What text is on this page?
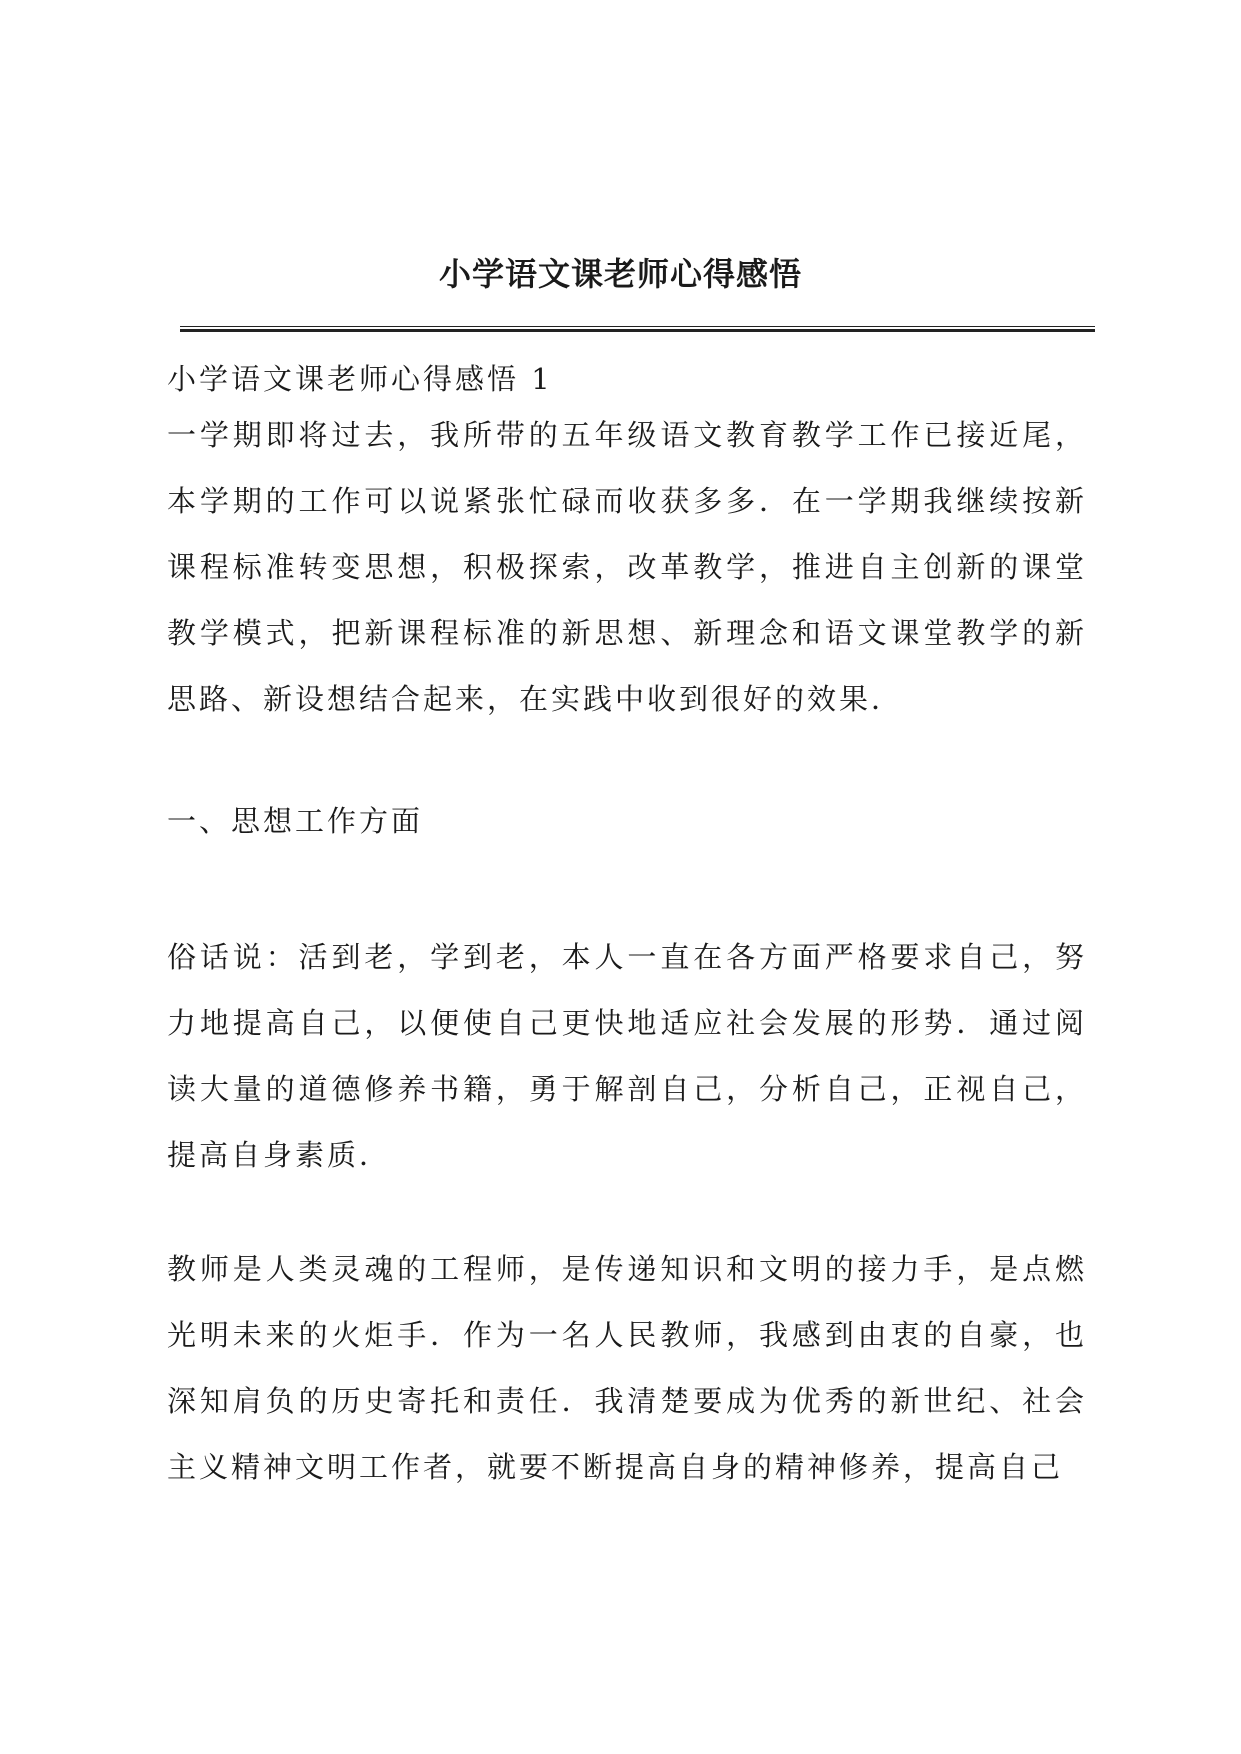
小学语文课老师心得感悟

小学语文课老师心得感悟 1

一学期即将过去，我所带的五年级语文教育教学工作已接近尾，本学期的工作可以说紧张忙碌而收获多多．在一学期我继续按新课程标准转变思想，积极探索，改革教学，推进自主创新的课堂教学模式，把新课程标准的新思想、新理念和语文课堂教学的新思路、新设想结合起来，在实践中收到很好的效果．

一、思想工作方面

俗话说：活到老，学到老，本人一直在各方面严格要求自己，努力地提高自己，以便使自己更快地适应社会发展的形势．通过阅读大量的道德修养书籍，勇于解剖自己，分析自己，正视自己，提高自身素质．

教师是人类灵魂的工程师，是传递知识和文明的接力手，是点燃光明未来的火炬手．作为一名人民教师，我感到由衷的自豪，也深知肩负的历史寄托和责任．我清楚要成为优秀的新世纪、社会主义精神文明工作者，就要不断提高自身的精神修养，提高自己
